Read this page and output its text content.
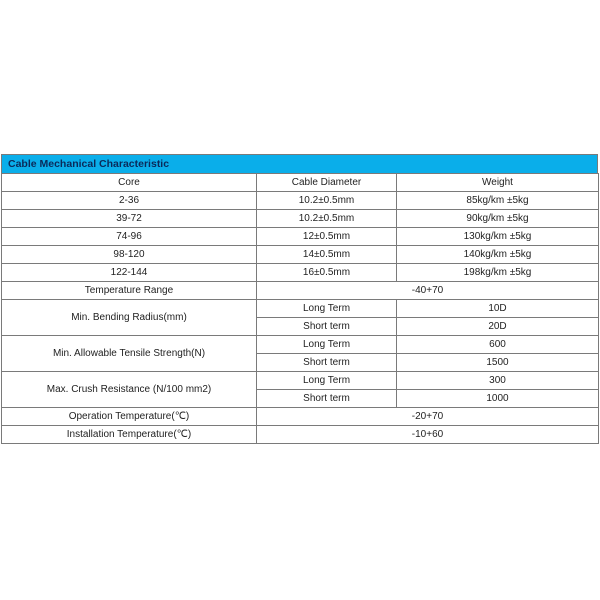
Cable Mechanical Characteristic
Core	Cable Diameter	Weight
2-36	10.2±0.5mm	85kg/km ±5kg
39-72	10.2±0.5mm	90kg/km ±5kg
74-96	12±0.5mm	130kg/km ±5kg
98-120	14±0.5mm	140kg/km ±5kg
122-144	16±0.5mm	198kg/km ±5kg
Temperature Range	-40+70	
Min. Bending Radius(mm)	Long Term	10D
	Short term	20D
Min. Allowable Tensile Strength(N)	Long Term	600
	Short term	1500
Max. Crush Resistance (N/100 mm2)	Long Term	300
	Short term	1000
Operation Temperature(℃)	-20+70	
Installation Temperature(℃)	-10+60	
